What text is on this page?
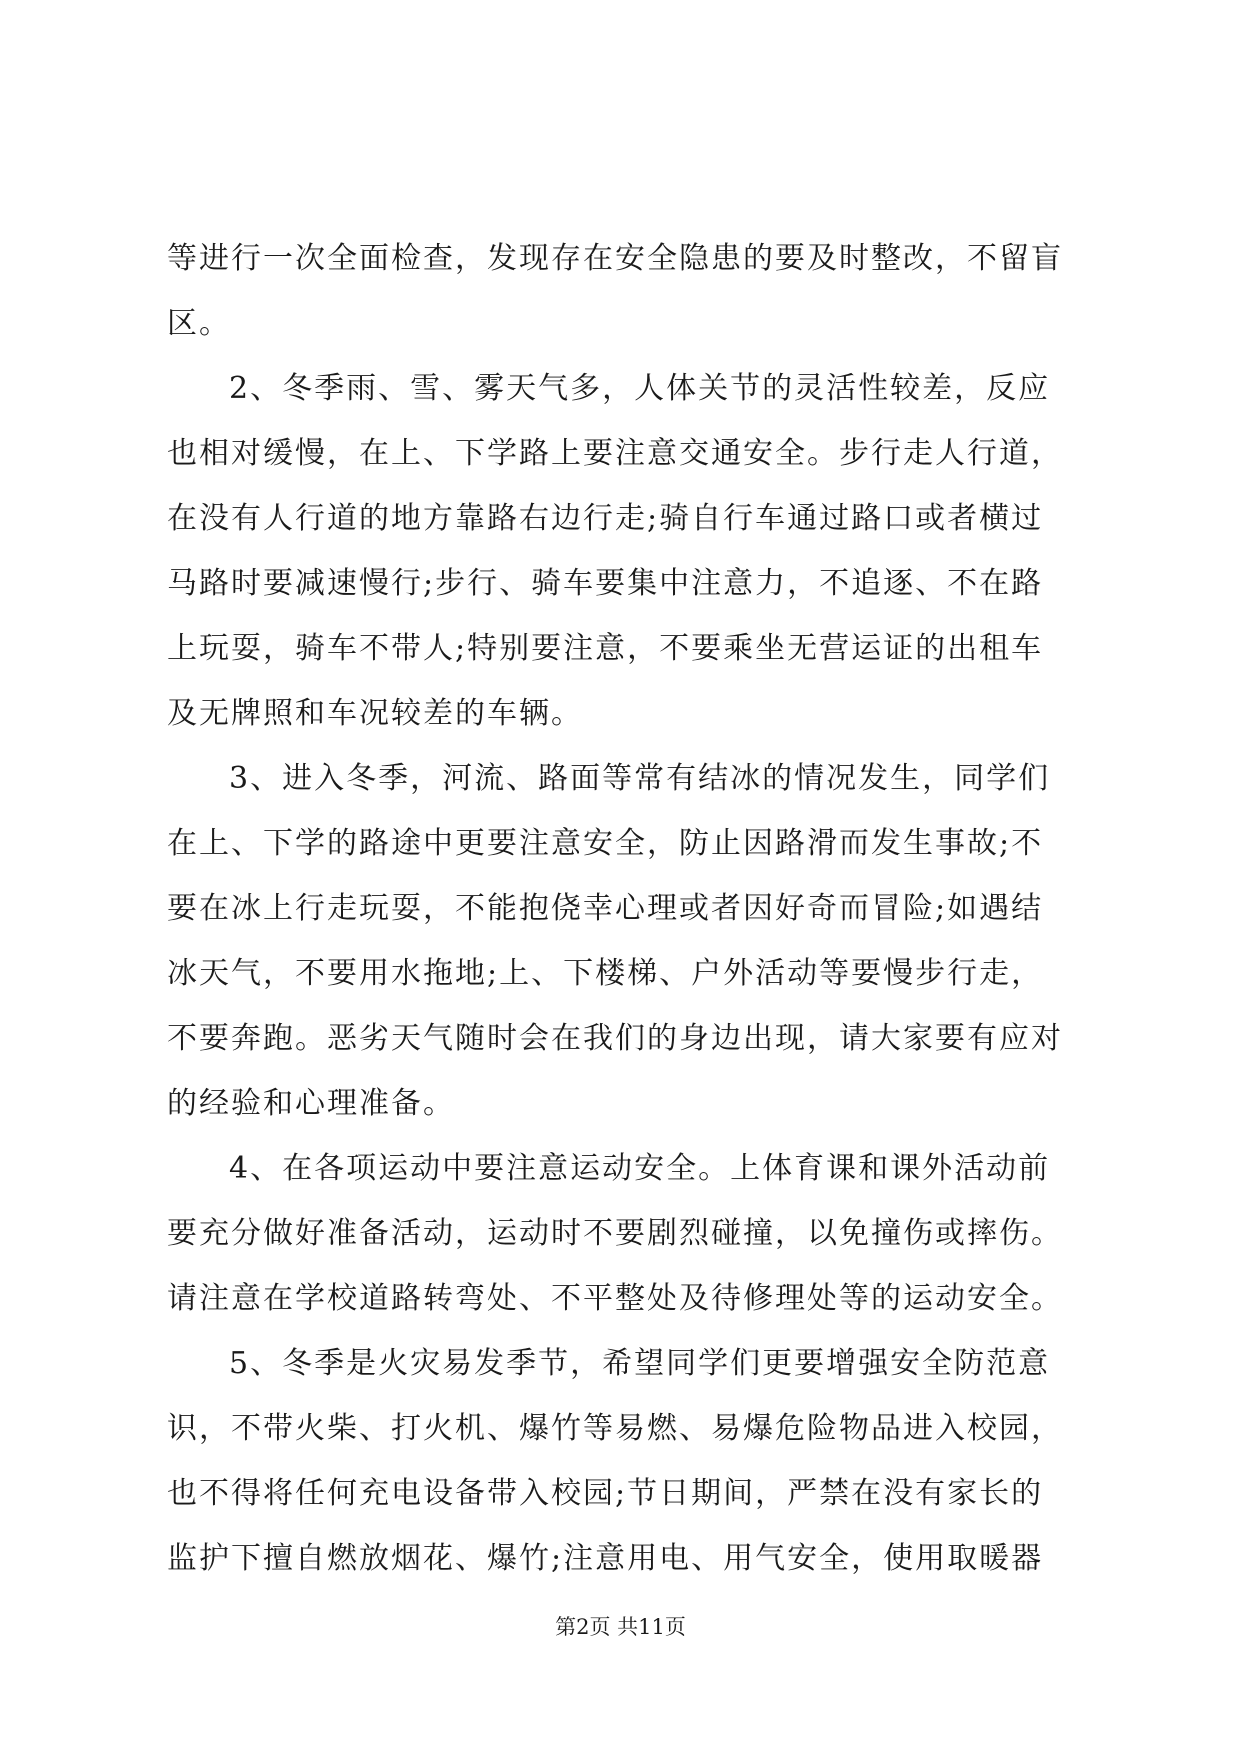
等进行一次全面检查，发现存在安全隐患的要及时整改，不留盲
区。
2、冬季雨、雪、雾天气多，人体关节的灵活性较差，反应
也相对缓慢，在上、下学路上要注意交通安全。步行走人行道，
在没有人行道的地方靠路右边行走;骑自行车通过路口或者横过
马路时要减速慢行;步行、骑车要集中注意力，不追逐、不在路
上玩耍，骑车不带人;特别要注意，不要乘坐无营运证的出租车
及无牌照和车况较差的车辆。
3、进入冬季，河流、路面等常有结冰的情况发生，同学们
在上、下学的路途中更要注意安全，防止因路滑而发生事故;不
要在冰上行走玩耍，不能抱侥幸心理或者因好奇而冒险;如遇结
冰天气，不要用水拖地;上、下楼梯、户外活动等要慢步行走，
不要奔跑。恶劣天气随时会在我们的身边出现，请大家要有应对
的经验和心理准备。
4、在各项运动中要注意运动安全。上体育课和课外活动前
要充分做好准备活动，运动时不要剧烈碰撞，以免撞伤或摔伤。
请注意在学校道路转弯处、不平整处及待修理处等的运动安全。
5、冬季是火灾易发季节，希望同学们更要增强安全防范意
识，不带火柴、打火机、爆竹等易燃、易爆危险物品进入校园，
也不得将任何充电设备带入校园;节日期间，严禁在没有家长的
监护下擅自燃放烟花、爆竹;注意用电、用气安全，使用取暖器
第2页 共11页
